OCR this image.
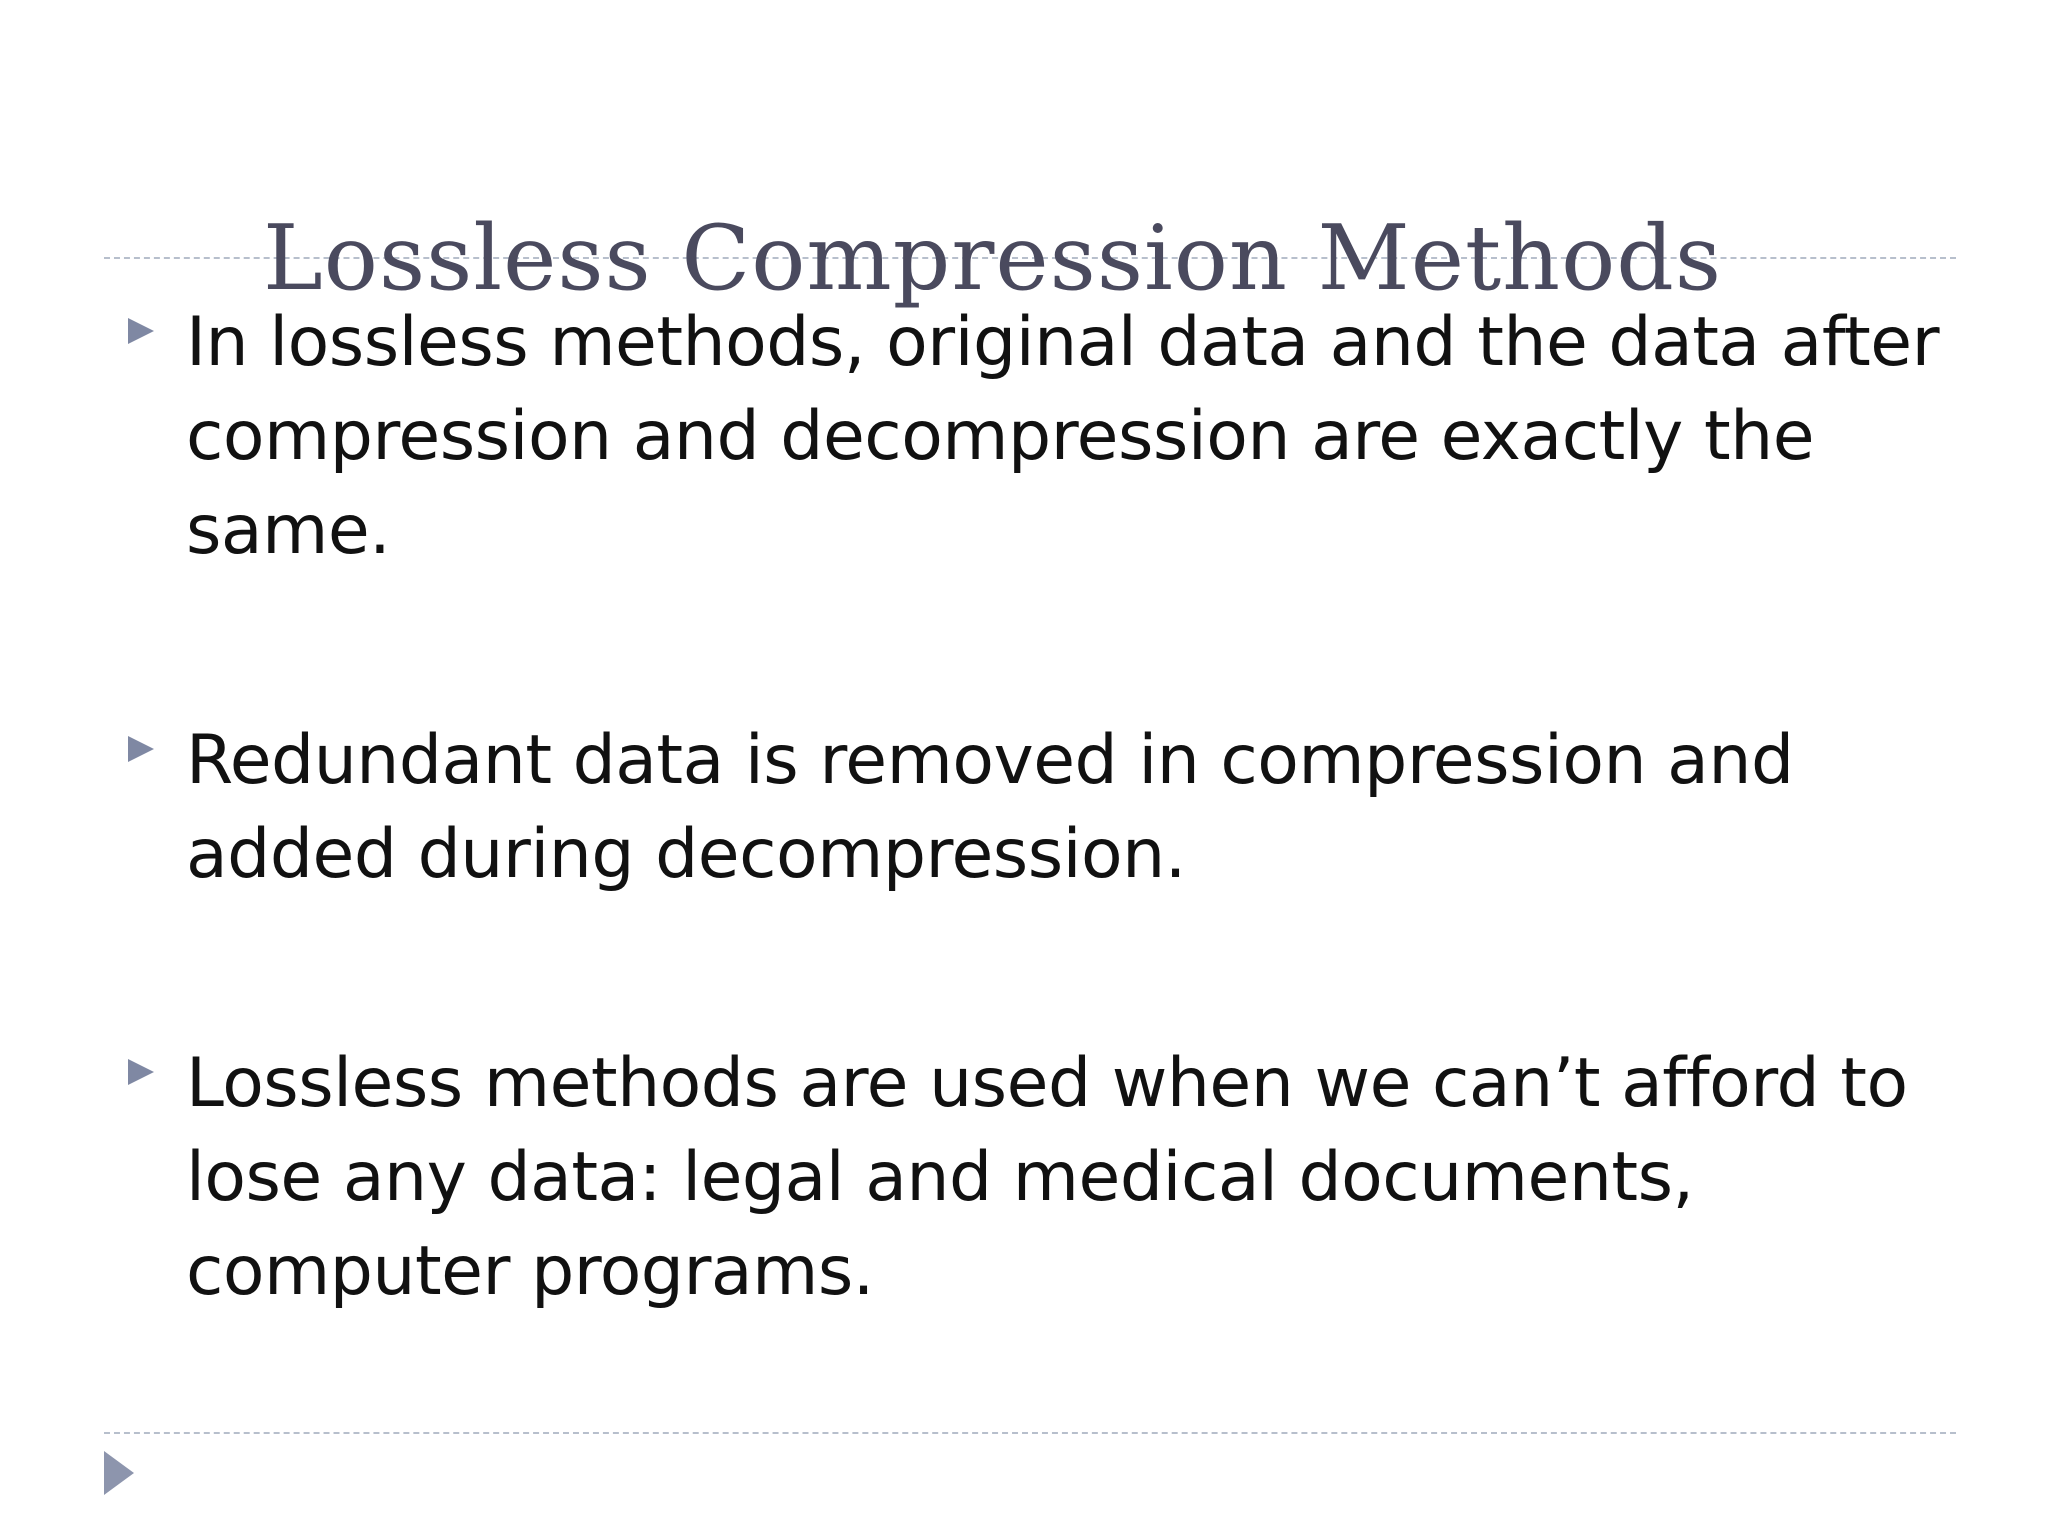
Lossless Compression Methods
In lossless methods, original data and the data after compression and decompression are exactly the same.
Redundant data is removed in compression and added during decompression.
Lossless methods are used when we can’t afford to lose any data: legal and medical documents, computer programs.
